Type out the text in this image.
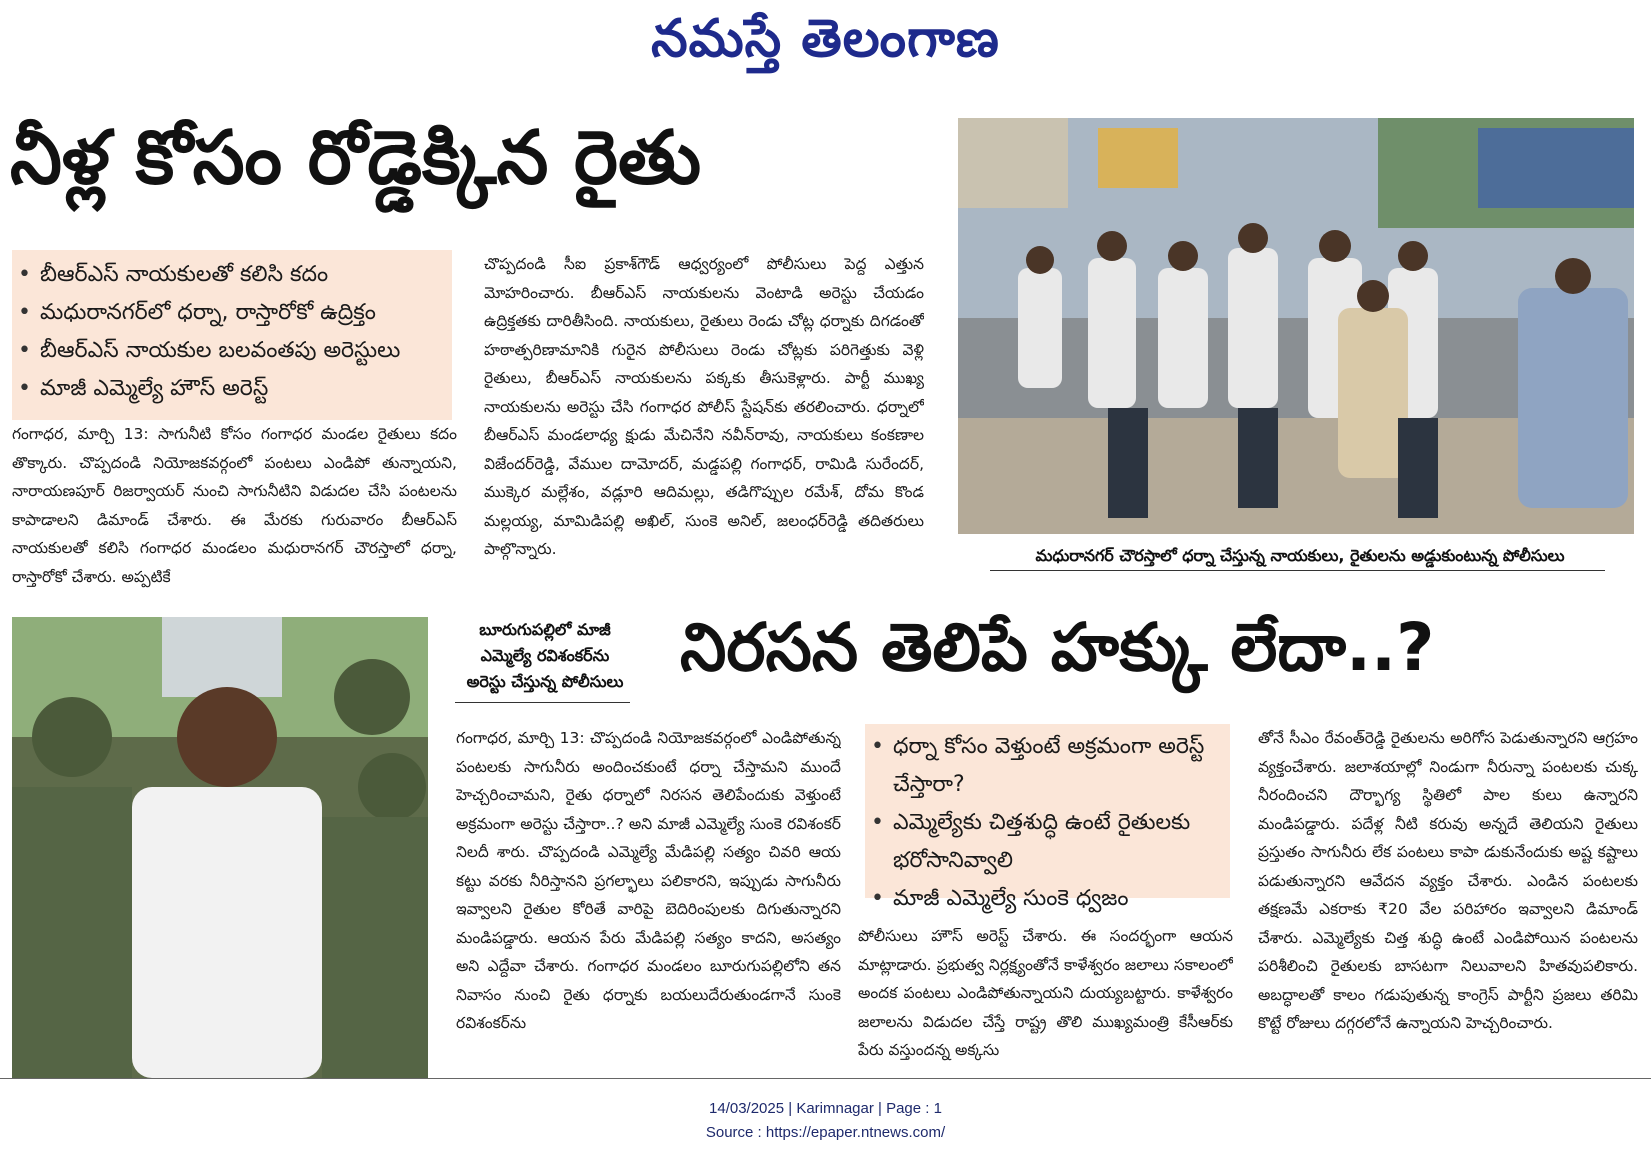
నమస్తే తెలంగాణ
నీళ్ల కోసం రోడ్డెక్కిన రైతు
• బీఆర్ఎస్ నాయకులతో కలిసి కదం
• మధురానగర్‌లో ధర్నా, రాస్తారోకో ఉద్రిక్తం
• బీఆర్ఎస్ నాయకుల బలవంతపు అరెస్టులు
• మాజీ ఎమ్మెల్యే హౌస్ అరెస్ట్
గంగాధర, మార్చి 13: సాగునీటి కోసం గంగాధర మండల రైతులు కదం తొక్కారు. చొప్పదండి నియోజకవర్గంలో పంటలు ఎండిపో తున్నాయని, నారాయణపూర్ రిజర్వాయర్ నుంచి సాగునీటిని విడుదల చేసి పంటలను కాపాడాలని డిమాండ్ చేశారు. ఈ మేరకు గురువారం బీఆర్ఎస్ నాయకులతో కలిసి గంగాధర మండలం మధురానగర్ చౌరస్తాలో ధర్నా, రాస్తారోకో చేశారు. అప్పటికే
చొప్పదండి సీఐ ప్రకాశ్‌గౌడ్ ఆధ్వర్యంలో పోలీసులు పెద్ద ఎత్తున మోహరించారు. బీఆర్ఎస్ నాయకులను వెంటాడి అరెస్టు చేయడం ఉద్రిక్తతకు దారితీసింది. నాయకులు, రైతులు రెండు చోట్ల ధర్నాకు దిగడంతో హఠాత్పరిణామానికి గురైన పోలీసులు రెండు చోట్లకు పరిగెత్తుకు వెళ్లి రైతులు, బీఆర్ఎస్ నాయకులను పక్కకు తీసుకెళ్లారు. పార్టీ ముఖ్య నాయకులను అరెస్టు చేసి గంగాధర పోలీస్ స్టేషన్‌కు తరలించారు. ధర్నాలో బీఆర్ఎస్ మండలాధ్య క్షుడు మేచినేని నవీన్‌రావు, నాయకులు కంకణాల విజేందర్‌రెడ్డి, వేముల దామోదర్, మడ్డపల్లి గంగాధర్, రామిడి సురేందర్, ముక్కెర మల్లేశం, వడ్లూరి ఆదిమల్లు, తడిగొప్పుల రమేశ్, దోమ కొండ మల్లయ్య, మామిడిపల్లి అఖిల్, సుంకె అనిల్, జలంధర్‌రెడ్డి తదితరులు పాల్గొన్నారు.	మధురానగర్ చౌరస్తాలో ధర్నా చేస్తున్న నాయకులు, రైతులను అడ్డుకుంటున్న పోలీసులు
బూరుగుపల్లిలో మాజీ ఎమ్మెల్యే రవిశంకర్‌ను అరెస్టు చేస్తున్న పోలీసులు నిరసన తెలిపే హక్కు లేదా..?
• ధర్నా కోసం వెళ్తుంటే అక్రమంగా అరెస్ట్ చేస్తారా?
• ఎమ్మెల్యేకు చిత్తశుద్ధి ఉంటే రైతులకు భరోసానివ్వాలి
• మాజీ ఎమ్మెల్యే సుంకె ధ్వజం
గంగాధర, మార్చి 13: చొప్పదండి నియోజకవర్గంలో ఎండిపోతున్న పంటలకు సాగునీరు అందించకుంటే ధర్నా చేస్తామని ముందే హెచ్చరించామని, రైతు ధర్నాలో నిరసన తెలిపేందుకు వెళ్తుంటే అక్రమంగా అరెస్టు చేస్తారా..? అని మాజీ ఎమ్మెల్యే సుంకె రవిశంకర్ నిలదీ శారు. చొప్పదండి ఎమ్మెల్యే మేడిపల్లి సత్యం చివరి ఆయ కట్టు వరకు నీరిస్తానని ప్రగల్భాలు పలికారని, ఇప్పుడు సాగునీరు ఇవ్వాలని రైతుల కోరితే వారిపై బెదిరింపులకు దిగుతున్నారని మండిపడ్డారు. ఆయన పేరు మేడిపల్లి సత్యం కాదని, అసత్యం అని ఎద్దేవా చేశారు. గంగాధర మండలం బూరుగుపల్లిలోని తన నివాసం నుంచి రైతు ధర్నాకు బయలుదేరుతుండగానే సుంకె రవిశంకర్‌ను
పోలీసులు హౌస్ అరెస్ట్ చేశారు. ఈ సందర్భంగా ఆయన మాట్లాడారు. ప్రభుత్వ నిర్లక్ష్యంతోనే కాళేశ్వరం జలాలు సకాలంలో అందక పంటలు ఎండిపోతున్నాయని దుయ్యబట్టారు. కాళేశ్వరం జలాలను విడుదల చేస్తే రాష్ట్ర తొలి ముఖ్యమంత్రి కేసీఆర్‌కు పేరు వస్తుందన్న అక్కసు
తోనే సీఎం రేవంత్‌రెడ్డి రైతులను అరిగోస పెడుతున్నారని ఆగ్రహం వ్యక్తంచేశారు. జలాశయాల్లో నిండుగా నీరున్నా పంటలకు చుక్క నీరందించని దౌర్భాగ్య స్థితిలో పాల కులు ఉన్నారని మండిపడ్డారు. పదేళ్ల నీటి కరువు అన్నదే తెలియని రైతులు ప్రస్తుతం సాగునీరు లేక పంటలు కాపా డుకునేందుకు అష్ట కష్టాలు పడుతున్నారని ఆవేదన వ్యక్తం చేశారు. ఎండిన పంటలకు తక్షణమే ఎకరాకు ₹20 వేల పరిహారం ఇవ్వాలని డిమాండ్ చేశారు. ఎమ్మెల్యేకు చిత్త శుద్ధి ఉంటే ఎండిపోయిన పంటలను పరిశీలించి రైతులకు బాసటగా నిలువాలని హితవుపలికారు. అబద్ధాలతో కాలం గడుపుతున్న కాంగ్రెస్ పార్టీని ప్రజలు తరిమి కొట్టే రోజులు దగ్గరలోనే ఉన్నాయని హెచ్చరించారు.
14/03/2025 | Karimnagar | Page : 1
Source : https://epaper.ntnews.com/
